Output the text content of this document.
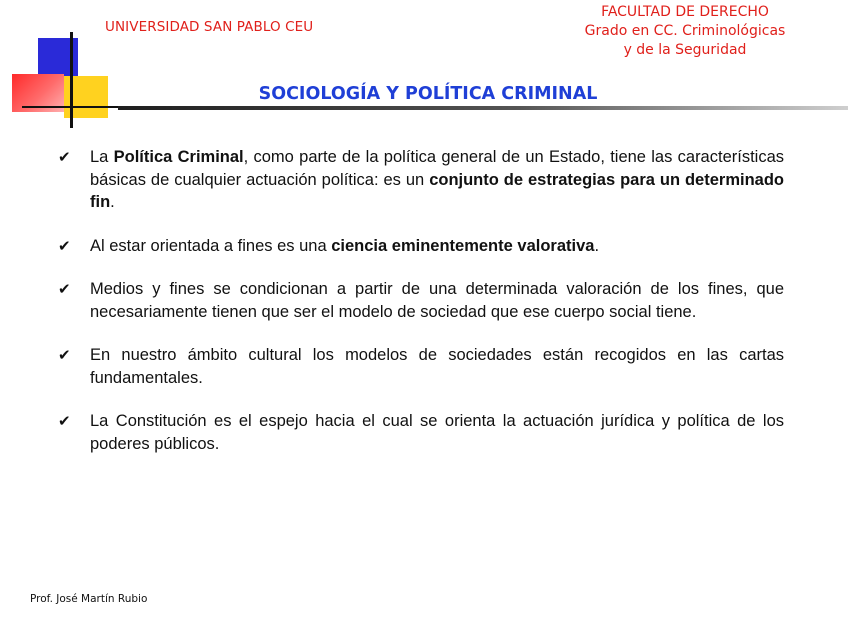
UNIVERSIDAD SAN PABLO CEU
FACULTAD DE DERECHO
Grado en CC. Criminológicas
y de la Seguridad
SOCIOLOGÍA Y POLÍTICA CRIMINAL
✔ La Política Criminal, como parte de la política general de un Estado, tiene las características básicas de cualquier actuación política: es un conjunto de estrategias para un determinado fin.
✔ Al estar orientada a fines es una ciencia eminentemente valorativa.
✔ Medios y fines se condicionan a partir de una determinada valoración de los fines, que necesariamente tienen que ser el modelo de sociedad que ese cuerpo social tiene.
✔ En nuestro ámbito cultural los modelos de sociedades están recogidos en las cartas fundamentales.
✔ La Constitución es el espejo hacia el cual se orienta la actuación jurídica y política de los poderes públicos.
Prof. José Martín Rubio
